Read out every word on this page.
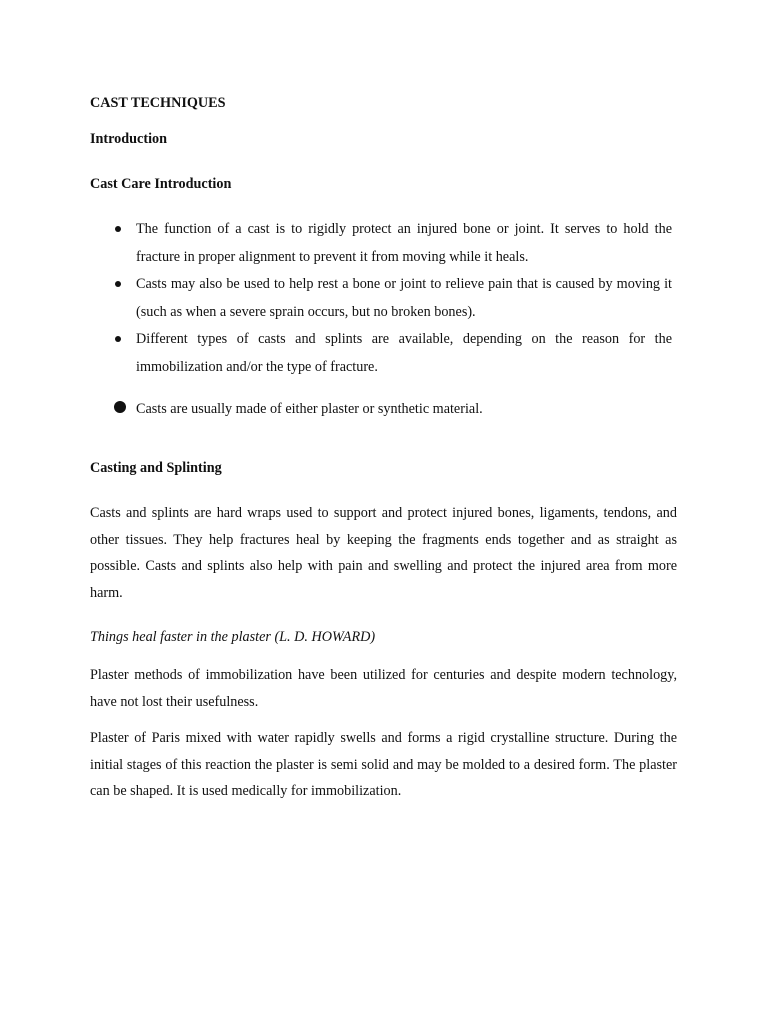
CAST TECHNIQUES
Introduction
Cast Care Introduction

The function of a cast is to rigidly protect an injured bone or joint. It serves to hold the fracture in proper alignment to prevent it from moving while it heals.

Casts may also be used to help rest a bone or joint to relieve pain that is caused by moving it (such as when a severe sprain occurs, but no broken bones).

Different types of casts and splints are available, depending on the reason for the immobilization and/or the type of fracture.

Casts are usually made of either plaster or synthetic material.

Casting and Splinting

Casts and splints are hard wraps used to support and protect injured bones, ligaments, tendons, and other tissues. They help fractures heal by keeping the fragments ends together and as straight as possible. Casts and splints also help with pain and swelling and protect the injured area from more harm.

Things heal faster in the plaster (L. D. HOWARD)

Plaster methods of immobilization have been utilized for centuries and despite modern technology, have not lost their usefulness.

Plaster of Paris mixed with water rapidly swells and forms a rigid crystalline structure. During the initial stages of this reaction the plaster is semi solid and may be molded to a desired form. The plaster can be shaped. It is used medically for immobilization.
